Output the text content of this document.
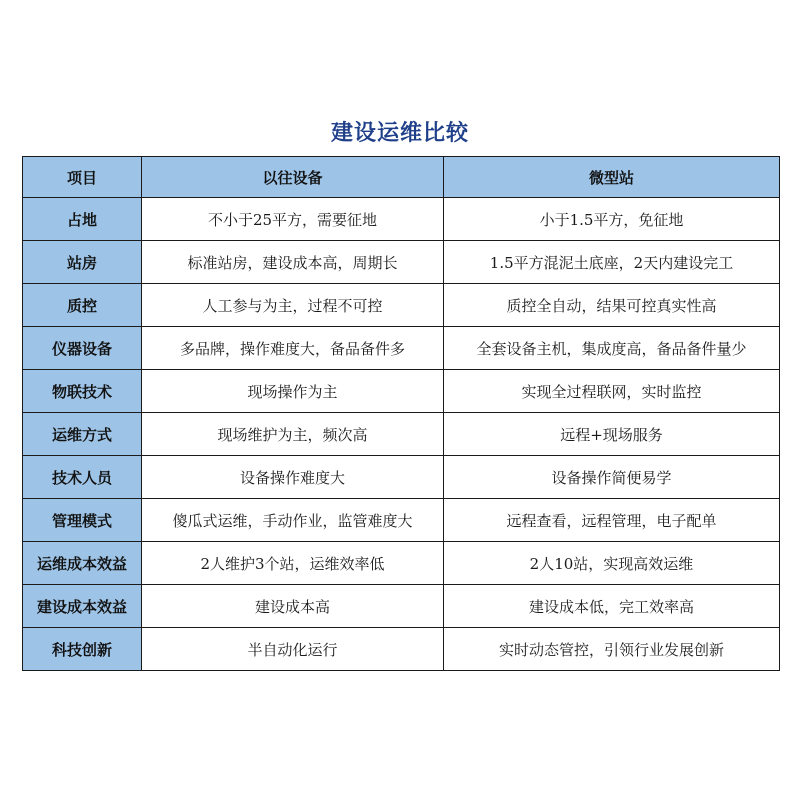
建设运维比较
项目	以往设备	微型站
占地	不小于25平方，需要征地	小于1.5平方，免征地
站房	标准站房，建设成本高，周期长	1.5平方混泥土底座，2天内建设完工
质控	人工参与为主，过程不可控	质控全自动，结果可控真实性高
仪器设备	多品牌，操作难度大，备品备件多	全套设备主机，集成度高，备品备件量少
物联技术	现场操作为主	实现全过程联网，实时监控
运维方式	现场维护为主，频次高	远程+现场服务
技术人员	设备操作难度大	设备操作简便易学
管理模式	傻瓜式运维，手动作业，监管难度大	远程查看，远程管理，电子配单
运维成本效益	2人维护3个站，运维效率低	2人10站，实现高效运维
建设成本效益	建设成本高	建设成本低，完工效率高
科技创新	半自动化运行	实时动态管控，引领行业发展创新
